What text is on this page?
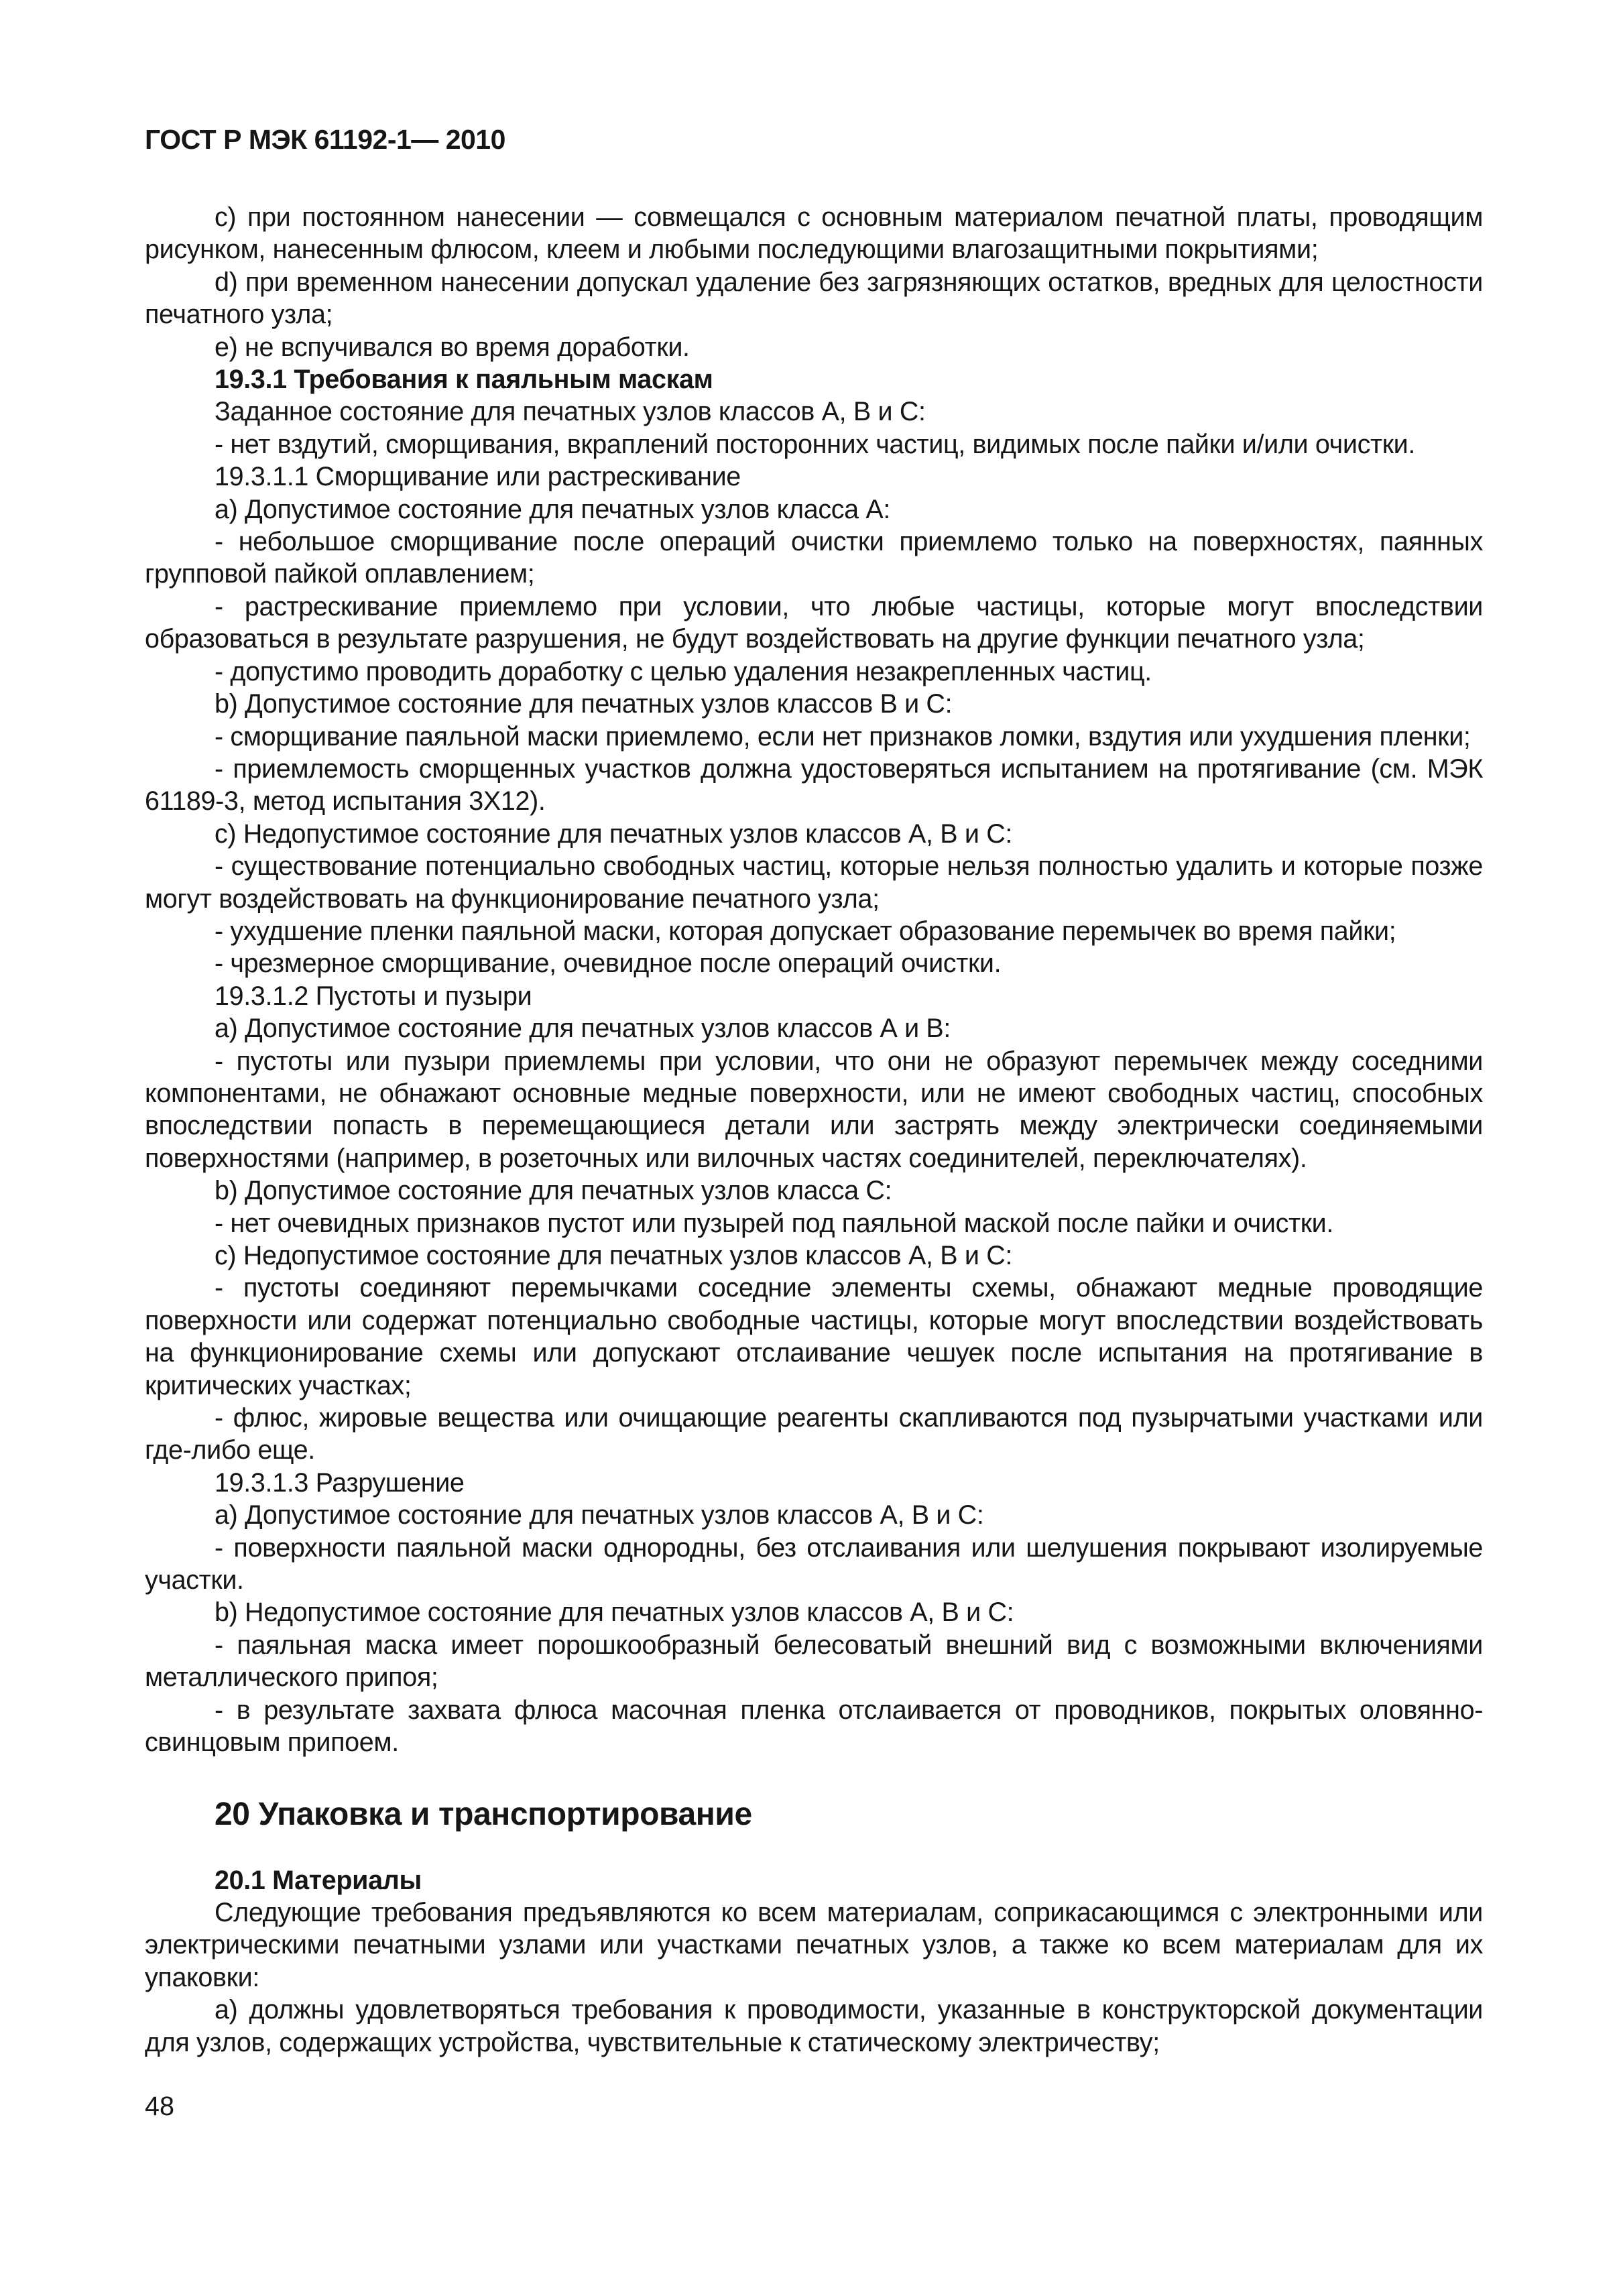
ГОСТ Р МЭК 61192-1— 2010

с) при постоянном нанесении — совмещался с основным материалом печатной платы, проводящим рисунком, нанесенным флюсом, клеем и любыми последующими влагозащитными покрытиями;

d) при временном нанесении допускал удаление без загрязняющих остатков, вредных для целостности печатного узла;

е) не вспучивался во время доработки.

19.3.1 Требования к паяльным маскам

Заданное состояние для печатных узлов классов А, В и С:

- нет вздутий, сморщивания, вкраплений посторонних частиц, видимых после пайки и/или очистки.

19.3.1.1 Сморщивание или растрескивание

а) Допустимое состояние для печатных узлов класса А:

- небольшое сморщивание после операций очистки приемлемо только на поверхностях, паянных групповой пайкой оплавлением;

- растрескивание приемлемо при условии, что любые частицы, которые могут впоследствии образоваться в результате разрушения, не будут воздействовать на другие функции печатного узла;

- допустимо проводить доработку с целью удаления незакрепленных частиц.

b) Допустимое состояние для печатных узлов классов В и С:

- сморщивание паяльной маски приемлемо, если нет признаков ломки, вздутия или ухудшения пленки;

- приемлемость сморщенных участков должна удостоверяться испытанием на протягивание (см. МЭК 61189-3, метод испытания 3Х12).

с) Недопустимое состояние для печатных узлов классов А, В и С:

- существование потенциально свободных частиц, которые нельзя полностью удалить и которые позже могут воздействовать на функционирование печатного узла;

- ухудшение пленки паяльной маски, которая допускает образование перемычек во время пайки;

- чрезмерное сморщивание, очевидное после операций очистки.

19.3.1.2 Пустоты и пузыри

а) Допустимое состояние для печатных узлов классов А и В:

- пустоты или пузыри приемлемы при условии, что они не образуют перемычек между соседними компонентами, не обнажают основные медные поверхности, или не имеют свободных частиц, способных впоследствии попасть в перемещающиеся детали или застрять между электрически соединяемыми поверхностями (например, в розеточных или вилочных частях соединителей, переключателях).

b) Допустимое состояние для печатных узлов класса С:

- нет очевидных признаков пустот или пузырей под паяльной маской после пайки и очистки.

с) Недопустимое состояние для печатных узлов классов А, В и С:

- пустоты соединяют перемычками соседние элементы схемы, обнажают медные проводящие поверхности или содержат потенциально свободные частицы, которые могут впоследствии воздействовать на функционирование схемы или допускают отслаивание чешуек после испытания на протягивание в критических участках;

- флюс, жировые вещества или очищающие реагенты скапливаются под пузырчатыми участками или где-либо еще.

19.3.1.3 Разрушение

а) Допустимое состояние для печатных узлов классов А, В и С:

- поверхности паяльной маски однородны, без отслаивания или шелушения покрывают изолируемые участки.

b) Недопустимое состояние для печатных узлов классов А, В и С:

- паяльная маска имеет порошкообразный белесоватый внешний вид с возможными включениями металлического припоя;

- в результате захвата флюса масочная пленка отслаивается от проводников, покрытых оловянно-свинцовым припоем.

20 Упаковка и транспортирование

20.1 Материалы

Следующие требования предъявляются ко всем материалам, соприкасающимся с электронными или электрическими печатными узлами или участками печатных узлов, а также ко всем материалам для их упаковки:

а) должны удовлетворяться требования к проводимости, указанные в конструкторской документации для узлов, содержащих устройства, чувствительные к статическому электричеству;

48
